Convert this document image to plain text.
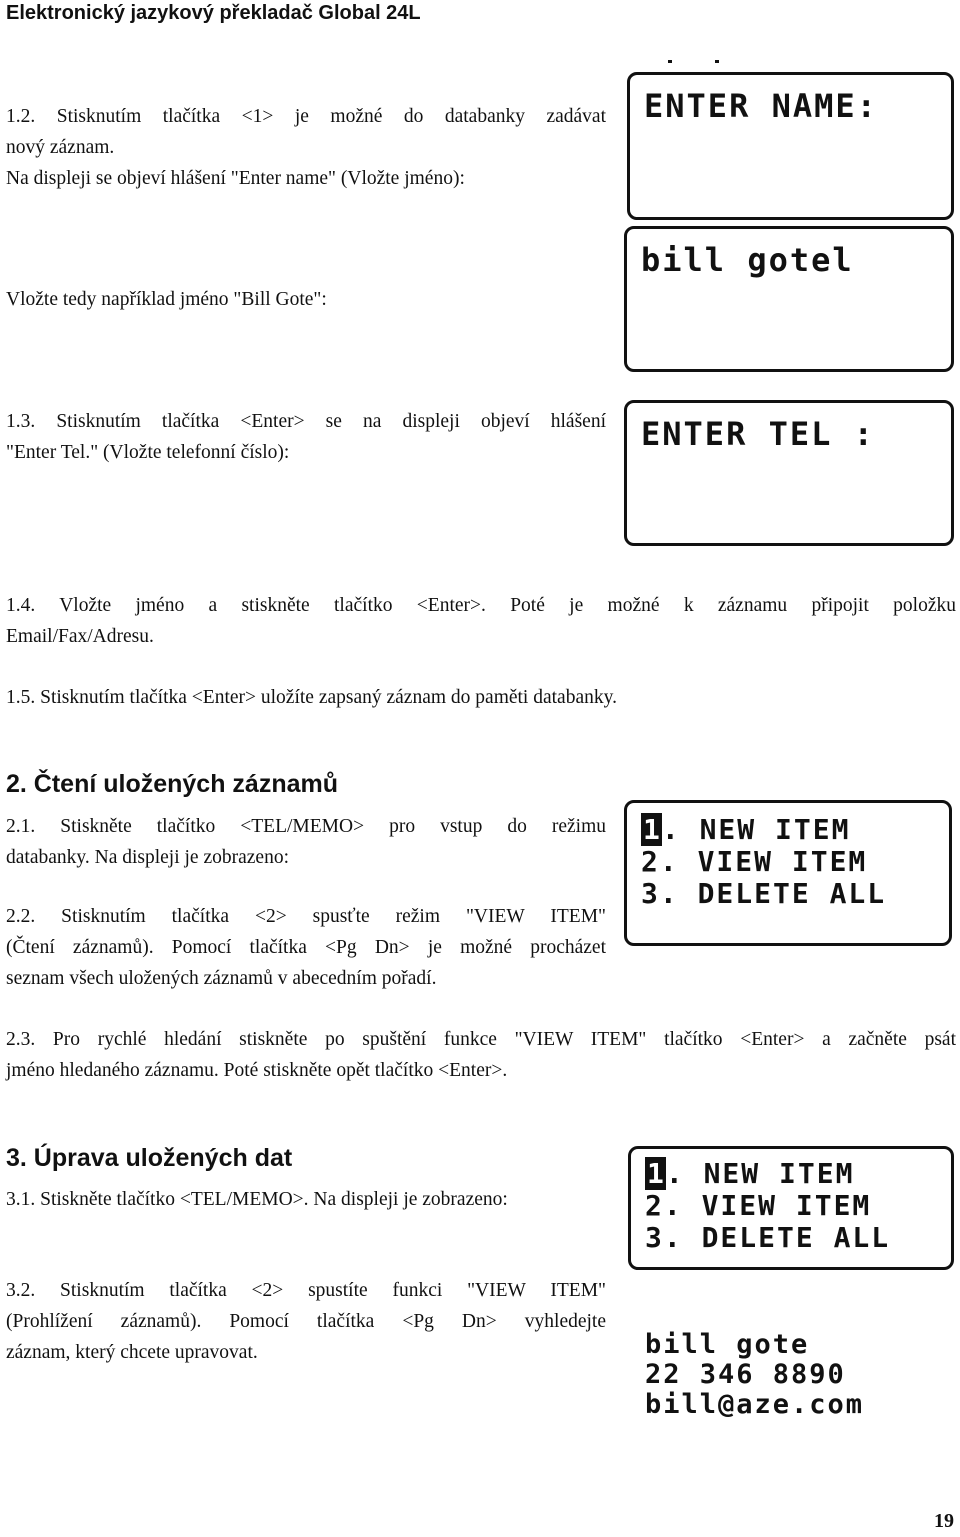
Elektronický jazykový překladač Global 24L
1.2. Stisknutím tlačítka <1> je možné do databanky zadávat
nový záznam.
Na displeji se objeví hlášení "Enter name" (Vložte jméno):
Vložte tedy například jméno "Bill Gote":
1.3. Stisknutím tlačítka <Enter> se na displeji objeví hlášení
"Enter Tel." (Vložte telefonní číslo):
1.4. Vložte jméno a stiskněte tlačítko <Enter>. Poté je možné k záznamu připojit položku
Email/Fax/Adresu.
1.5. Stisknutím tlačítka <Enter> uložíte zapsaný záznam do paměti databanky.
2. Čtení uložených záznamů
2.1. Stiskněte tlačítko <TEL/MEMO> pro vstup do režimu
databanky. Na displeji je zobrazeno:
2.2. Stisknutím tlačítka <2> spusťte režim "VIEW ITEM"
(Čtení záznamů). Pomocí tlačítka <Pg Dn> je možné procházet
seznam všech uložených záznamů v abecedním pořadí.
2.3. Pro rychlé hledání stiskněte po spuštění funkce "VIEW ITEM" tlačítko <Enter> a začněte psát
jméno hledaného záznamu. Poté stiskněte opět tlačítko <Enter>.
3. Úprava uložených dat
3.1. Stiskněte tlačítko <TEL/MEMO>. Na displeji je zobrazeno:
3.2. Stisknutím tlačítka <2> spustíte funkci "VIEW ITEM"
(Prohlížení záznamů). Pomocí tlačítka <Pg Dn> vyhledejte
záznam, který chcete upravovat.
ENTER NAME:
bill gotel
ENTER TEL :
1. NEW ITEM
2. VIEW ITEM
3. DELETE ALL
1. NEW ITEM
2. VIEW ITEM
3. DELETE ALL
bill gote
22 346 8890
bill@aze.com
19
